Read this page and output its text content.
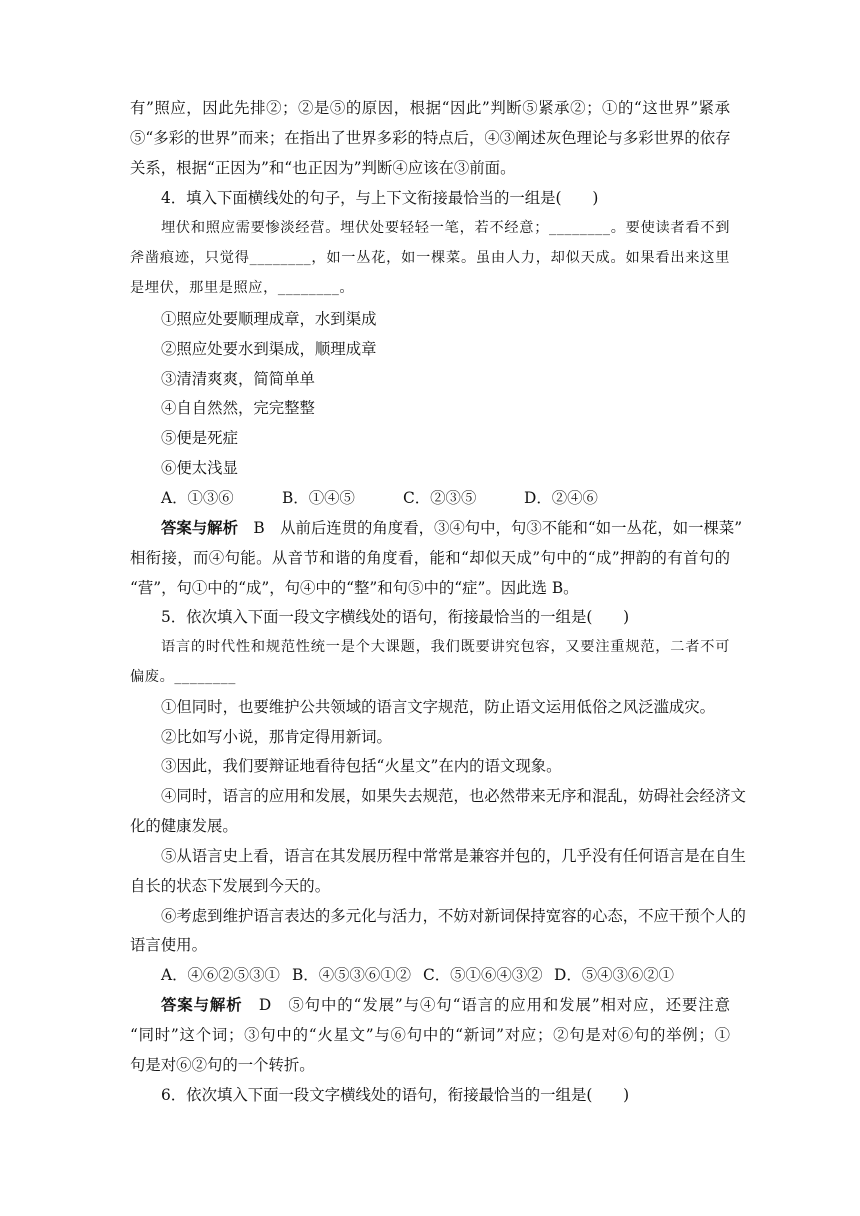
有”照应，因此先排②；②是⑤的原因，根据“因此”判断⑤紧承②；①的“这世界”紧承
⑤“多彩的世界”而来；在指出了世界多彩的特点后，④③阐述灰色理论与多彩世界的依存
关系，根据“正因为”和“也正因为”判断④应该在③前面。
4．填入下面横线处的句子，与上下文衔接最恰当的一组是(　　)
埋伏和照应需要惨淡经营。埋伏处要轻轻一笔，若不经意；________。要使读者看不到
斧凿痕迹，只觉得________，如一丛花，如一棵菜。虽由人力，却似天成。如果看出来这里
是埋伏，那里是照应，________。
①照应处要顺理成章，水到渠成
②照应处要水到渠成，顺理成章
③清清爽爽，简简单单
④自自然然，完完整整
⑤便是死症
⑥便太浅显
A．①③⑥	B．①④⑤	C．②③⑤	D．②④⑥
答案与解析　 B　从前后连贯的角度看，③④句中，句③不能和“如一丛花，如一棵菜”
相衔接，而④句能。从音节和谐的角度看，能和“却似天成”句中的“成”押韵的有首句的
“营”，句①中的“成”，句④中的“整”和句⑤中的“症”。因此选 B。
5．依次填入下面一段文字横线处的语句，衔接最恰当的一组是(　　)
语言的时代性和规范性统一是个大课题，我们既要讲究包容，又要注重规范，二者不可
偏废。________
①但同时，也要维护公共领域的语言文字规范，防止语文运用低俗之风泛滥成灾。
②比如写小说，那肯定得用新词。
③因此，我们要辩证地看待包括“火星文”在内的语文现象。
④同时，语言的应用和发展，如果失去规范，也必然带来无序和混乱，妨碍社会经济文
化的健康发展。
⑤从语言史上看，语言在其发展历程中常常是兼容并包的，几乎没有任何语言是在自生
自长的状态下发展到今天的。
⑥考虑到维护语言表达的多元化与活力，不妨对新词保持宽容的心态，不应干预个人的
语言使用。
A．④⑥②⑤③① B．④⑤③⑥①② C．⑤①⑥④③② D．⑤④③⑥②①
答案与解析　 D　⑤句中的“发展”与④句“语言的应用和发展”相对应，还要注意
“同时”这个词；③句中的“火星文”与⑥句中的“新词”对应；②句是对⑥句的举例；①
句是对⑥②句的一个转折。
6．依次填入下面一段文字横线处的语句，衔接最恰当的一组是(　　)
